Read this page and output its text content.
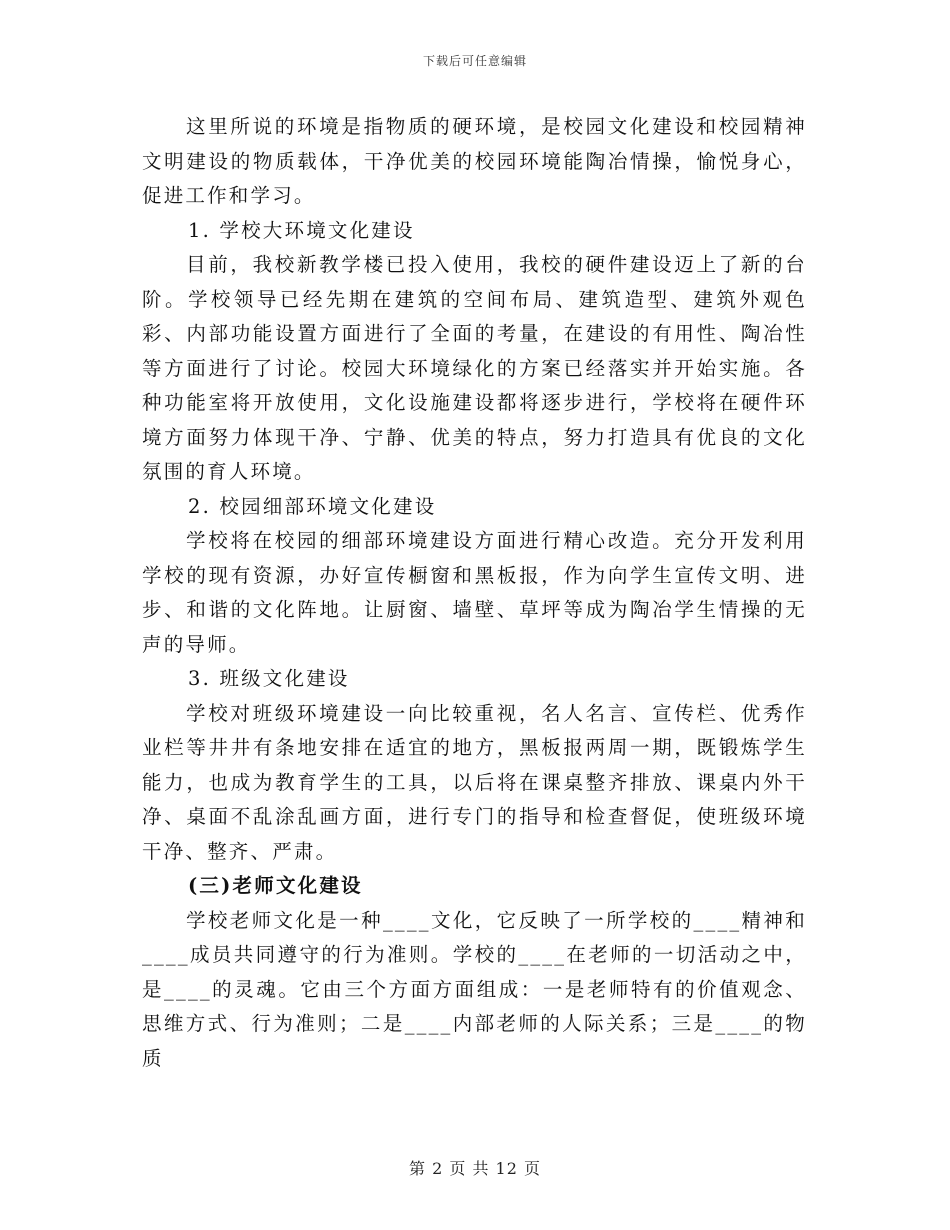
下载后可任意编辑

这里所说的环境是指物质的硬环境，是校园文化建设和校园精神文明建设的物质载体，干净优美的校园环境能陶冶情操，愉悦身心，促进工作和学习。

1. 学校大环境文化建设

目前，我校新教学楼已投入使用，我校的硬件建设迈上了新的台阶。学校领导已经先期在建筑的空间布局、建筑造型、建筑外观色彩、内部功能设置方面进行了全面的考量，在建设的有用性、陶冶性等方面进行了讨论。校园大环境绿化的方案已经落实并开始实施。各种功能室将开放使用，文化设施建设都将逐步进行，学校将在硬件环境方面努力体现干净、宁静、优美的特点，努力打造具有优良的文化氛围的育人环境。

2. 校园细部环境文化建设

学校将在校园的细部环境建设方面进行精心改造。充分开发利用学校的现有资源，办好宣传橱窗和黑板报，作为向学生宣传文明、进步、和谐的文化阵地。让厨窗、墙壁、草坪等成为陶冶学生情操的无声的导师。

3. 班级文化建设

学校对班级环境建设一向比较重视，名人名言、宣传栏、优秀作业栏等井井有条地安排在适宜的地方，黑板报两周一期，既锻炼学生能力，也成为教育学生的工具，以后将在课桌整齐排放、课桌内外干净、桌面不乱涂乱画方面，进行专门的指导和检查督促，使班级环境干净、整齐、严肃。

(三)老师文化建设

学校老师文化是一种____文化，它反映了一所学校的____精神和____成员共同遵守的行为准则。学校的____在老师的一切活动之中，是____的灵魂。它由三个方面方面组成：一是老师特有的价值观念、思维方式、行为准则；二是____内部老师的人际关系；三是____的物质

第 2 页 共 12 页
